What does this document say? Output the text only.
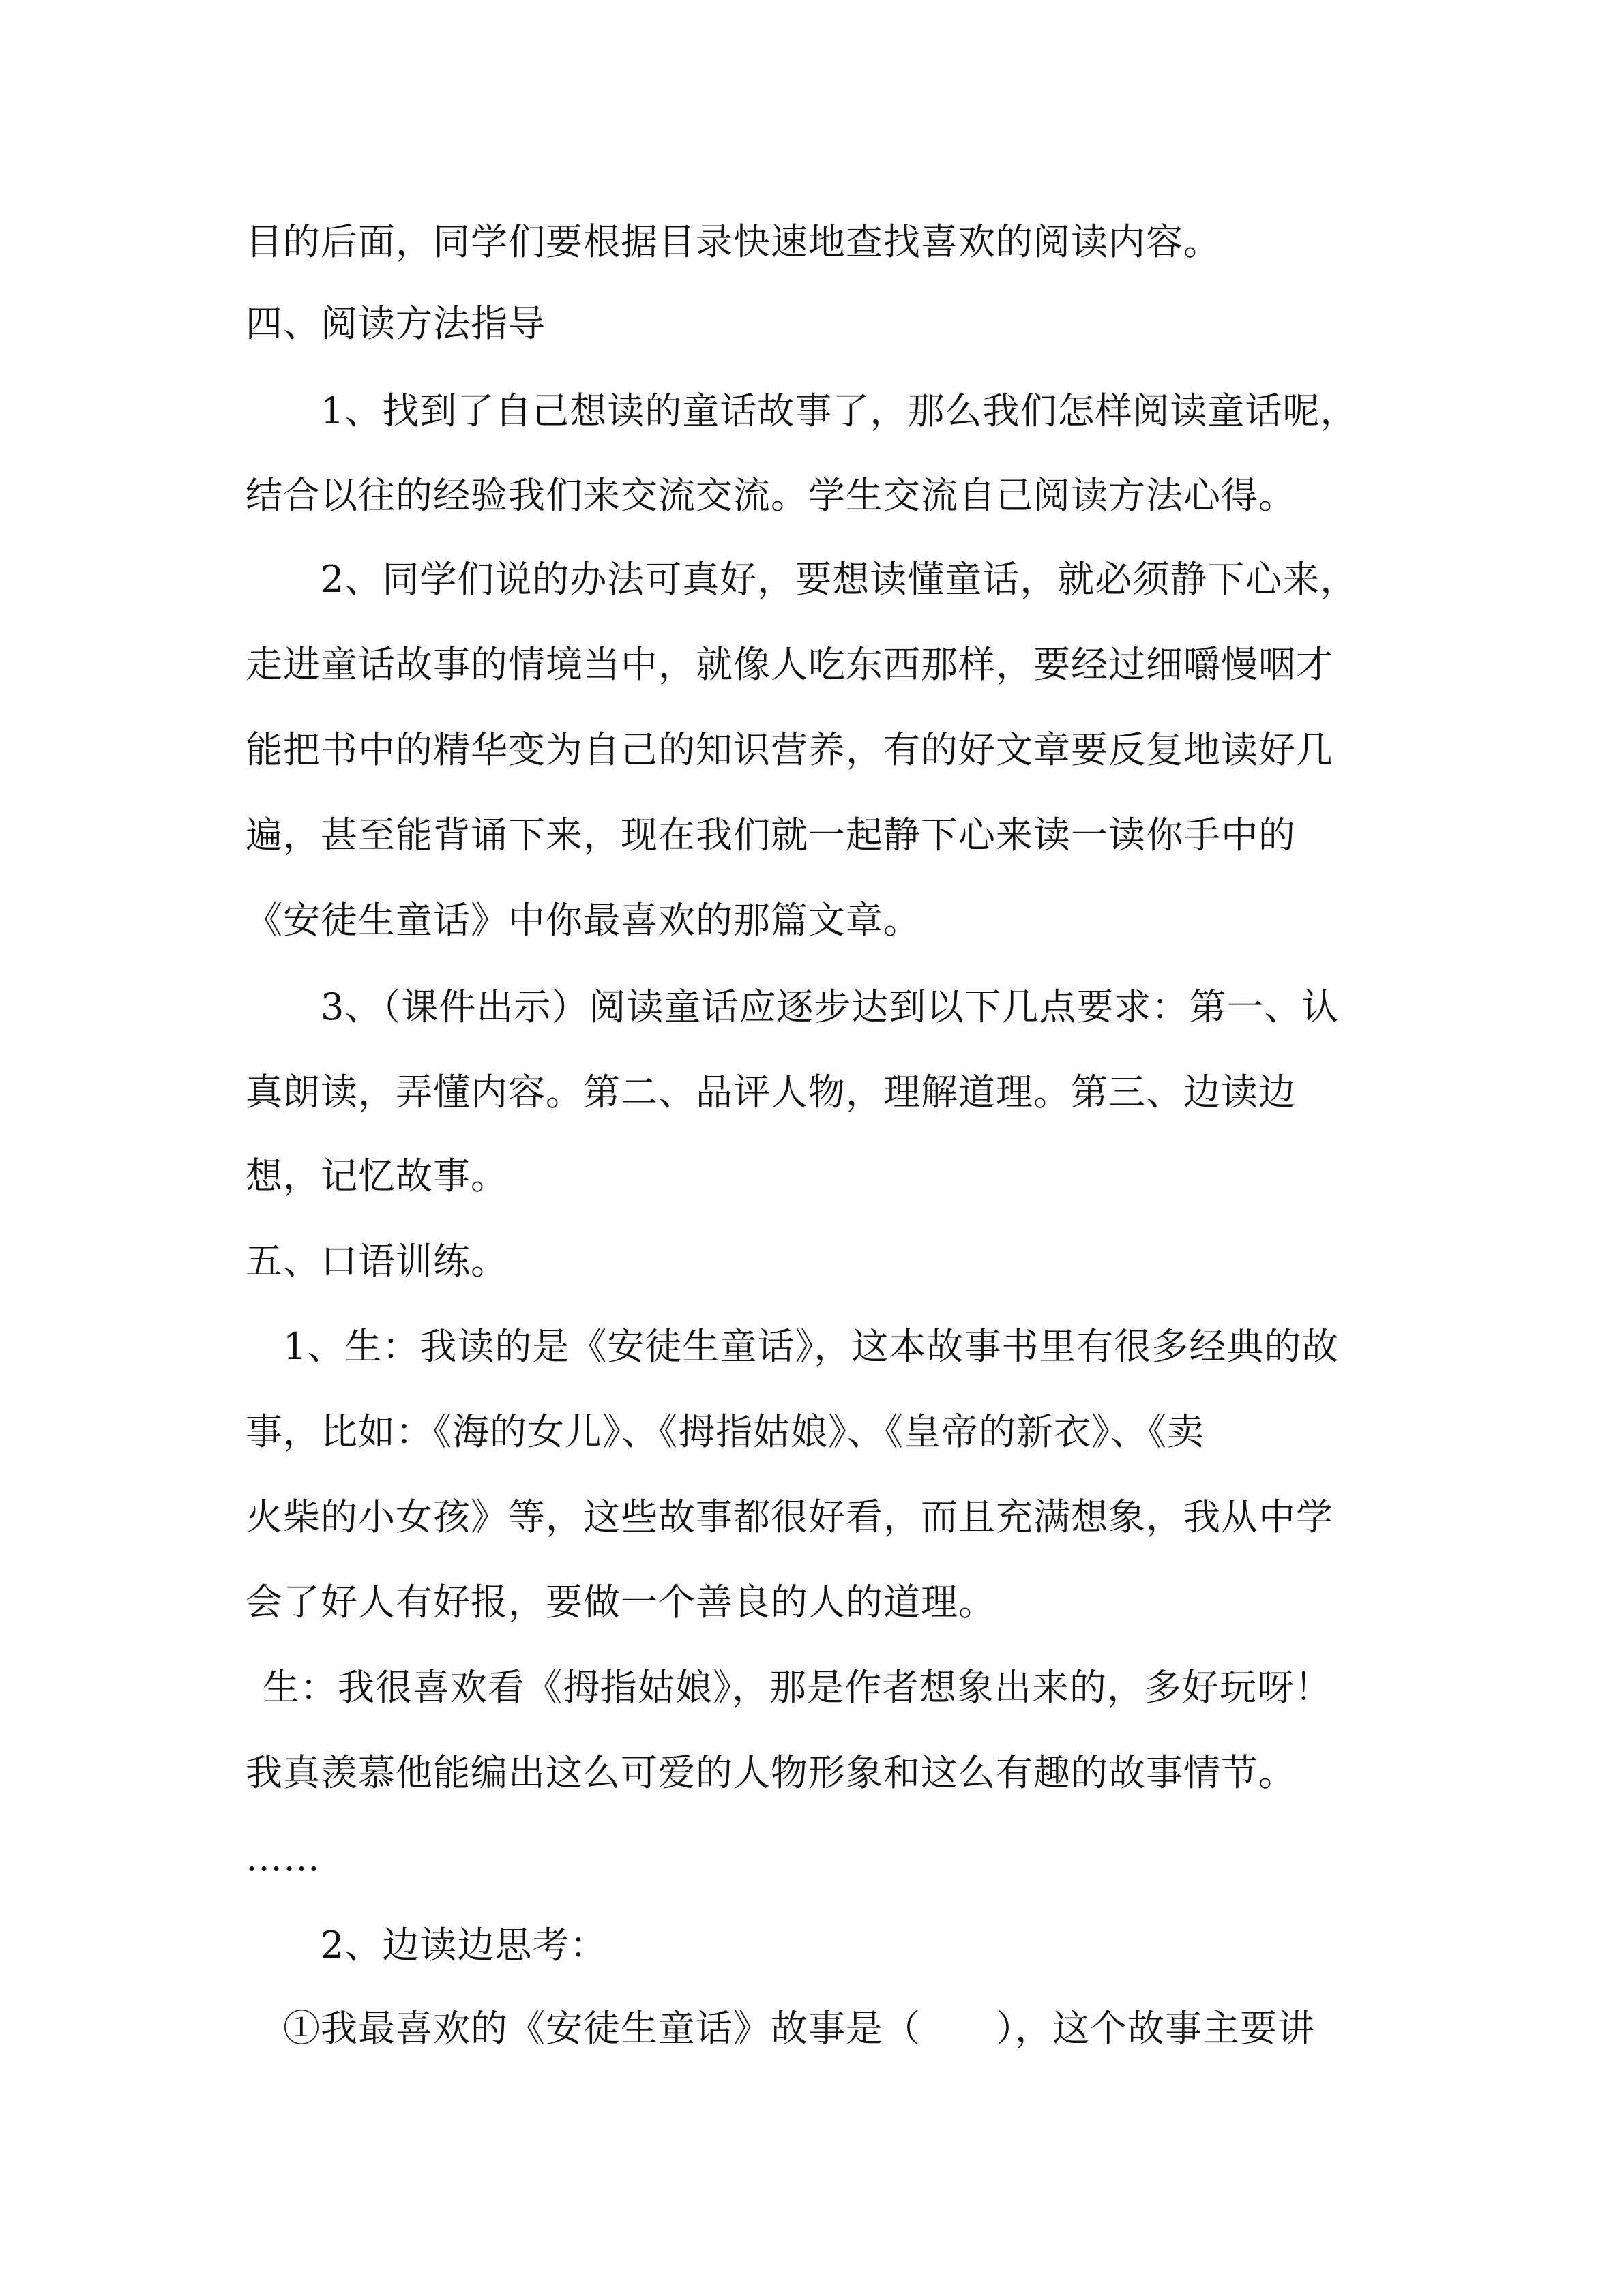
目的后面，同学们要根据目录快速地查找喜欢的阅读内容。
四、阅读方法指导
1、找到了自己想读的童话故事了，那么我们怎样阅读童话呢，
结合以往的经验我们来交流交流。学生交流自己阅读方法心得。
2、同学们说的办法可真好，要想读懂童话，就必须静下心来，
走进童话故事的情境当中，就像人吃东西那样，要经过细嚼慢咽才
能把书中的精华变为自己的知识营养，有的好文章要反复地读好几
遍，甚至能背诵下来，现在我们就一起静下心来读一读你手中的
《安徒生童话》中你最喜欢的那篇文章。
3、（课件出示）阅读童话应逐步达到以下几点要求：第一、认
真朗读，弄懂内容。第二、品评人物，理解道理。第三、边读边
想，记忆故事。
五、口语训练。
1、生：我读的是《安徒生童话》，这本故事书里有很多经典的故
事，比如：《海的女儿》、《拇指姑娘》、《皇帝的新衣》、《卖
火柴的小女孩》等，这些故事都很好看，而且充满想象，我从中学
会了好人有好报，要做一个善良的人的道理。
生：我很喜欢看《拇指姑娘》，那是作者想象出来的，多好玩呀！
我真羡慕他能编出这么可爱的人物形象和这么有趣的故事情节。
……
2、边读边思考：
①我最喜欢的《安徒生童话》故事是（　　），这个故事主要讲
